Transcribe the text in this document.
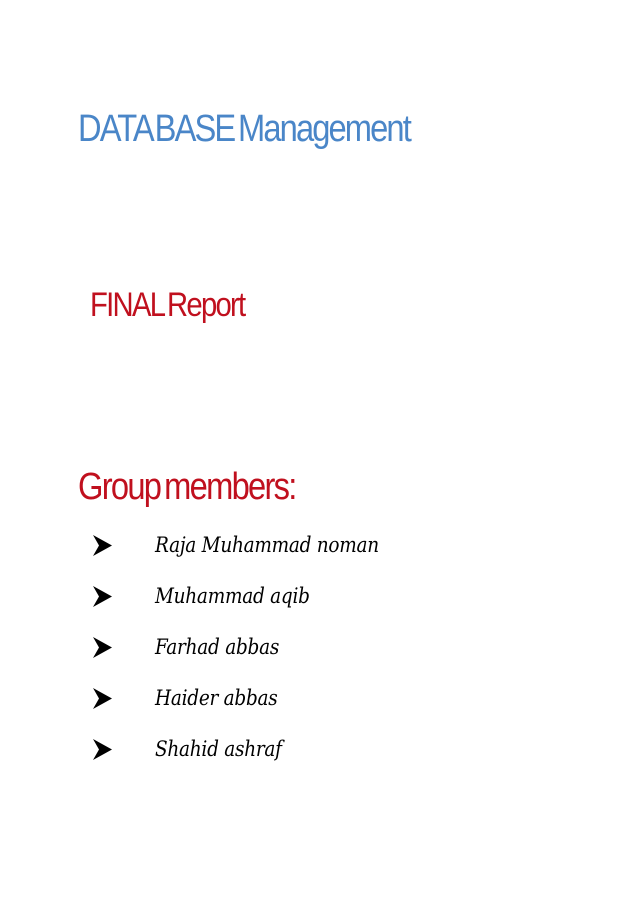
DATA BASE Management
FINAL Report
Group members:
Raja Muhammad noman
Muhammad aqib
Farhad abbas
Haider abbas
Shahid ashraf
